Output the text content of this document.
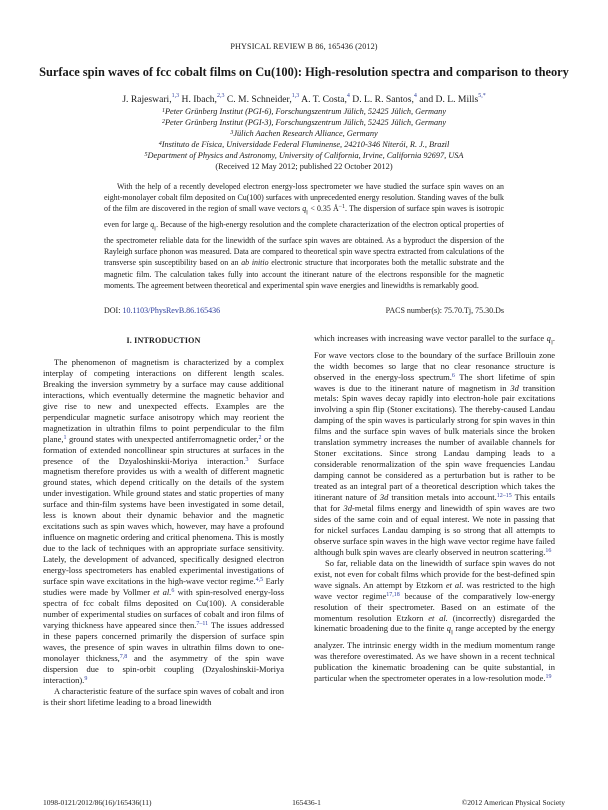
PHYSICAL REVIEW B 86, 165436 (2012)
Surface spin waves of fcc cobalt films on Cu(100): High-resolution spectra and comparison to theory
J. Rajeswari,$^{1,3}$ H. Ibach,$^{2,3}$ C. M. Schneider,$^{1,3}$ A. T. Costa,$^4$ D. L. R. Santos,$^4$ and D. L. Mills$^{5,*}$
$^1$Peter Grünberg Institut (PGI-6), Forschungszentrum Jülich, 52425 Jülich, Germany
$^2$Peter Grünberg Institut (PGI-3), Forschungszentrum Jülich, 52425 Jülich, Germany
$^3$Jülich Aachen Research Alliance, Germany
$^4$Instituto de Física, Universidade Federal Fluminense, 24210-346 Niterói, R. J., Brazil
$^5$Department of Physics and Astronomy, University of California, Irvine, California 92697, USA
(Received 12 May 2012; published 22 October 2012)

With the help of a recently developed electron energy-loss spectrometer we have studied the surface spin waves on an eight-monolayer cobalt film deposited on Cu(100) surfaces with unprecedented energy resolution. Standing waves of the bulk of the film are discovered in the region of small wave vectors $q_{||} < 0.35$ $Å^{-1}$. The dispersion of surface spin waves is isotropic even for large $q_{||}$. Because of the high-energy resolution and the complete characterization of the electron optical properties of the spectrometer reliable data for the linewidth of the surface spin waves are obtained. As a byproduct the dispersion of the Rayleigh surface phonon was measured. Data are compared to theoretical spin wave spectra extracted from calculations of the transverse spin susceptibility based on an ab initio electronic structure that incorporates both the metallic substrate and the magnetic film. The calculation takes fully into account the itinerant nature of the electrons responsible for the magnetic moments. The agreement between theoretical and experimental spin wave energies and linewidths is remarkably good.

DOI: 10.1103/PhysRevB.86.165436	PACS number(s): 75.70.Tj, 75.30.Ds
I. INTRODUCTION

The phenomenon of magnetism is characterized by a complex interplay of competing interactions on different length scales. Breaking the inversion symmetry by a surface may cause additional interactions, which eventually determine the magnetic behavior and give rise to new and unexpected effects. Examples are the perpendicular magnetic surface anisotropy which may reorient the magnetization in ultrathin films to point perpendicular to the film plane,$^1$ ground states with unexpected antiferromagnetic order,$^2$ or the formation of extended noncollinear spin structures at surfaces in the presence of the Dzyaloshinskii-Moriya interaction.$^3$ Surface magnetism therefore provides us with a wealth of different magnetic ground states, which depend critically on the details of the system under investigation. While ground states and static properties of many surface and thin-film systems have been investigated in some detail, less is known about their dynamic behavior and the magnetic excitations such as spin waves which, however, may have a profound influence on magnetic ordering and critical phenomena. This is mostly due to the lack of techniques with an appropriate surface sensitivity. Lately, the development of advanced, specifically designed electron energy-loss spectrometers has enabled experimental investigations of surface spin wave excitations in the high-wave vector regime.$^{4,5}$ Early studies were made by Vollmer et al.$^6$ with spin-resolved energy-loss spectra of fcc cobalt films deposited on Cu(100). A considerable number of experimental studies on surfaces of cobalt and iron films of varying thickness have appeared since then.$^{7-11}$ The issues addressed in these papers concerned primarily the dispersion of surface spin waves, the presence of spin waves in ultrathin films down to one-monolayer thickness,$^{7,8}$ and the asymmetry of the spin wave dispersion due to spin-orbit coupling (Dzyaloshinskii-Moriya interaction).$^9$

A characteristic feature of the surface spin waves of cobalt and iron is their short lifetime leading to a broad linewidth

which increases with increasing wave vector parallel to the surface $q_{||}$. For wave vectors close to the boundary of the surface Brillouin zone the width becomes so large that no clear resonance structure is observed in the energy-loss spectrum.$^6$ The short lifetime of spin waves is due to the itinerant nature of magnetism in 3d transition metals: Spin waves decay rapidly into electron-hole pair excitations involving a spin flip (Stoner excitations). The thereby-caused Landau damping of the spin waves is particularly strong for spin waves in thin films and the surface spin waves of bulk materials since the broken translation symmetry increases the number of available channels for Stoner excitations. Since strong Landau damping leads to a considerable renormalization of the spin wave frequencies Landau damping cannot be considered as a perturbation but is rather to be treated as an integral part of a theoretical description which takes the itinerant nature of 3d transition metals into account.$^{12-15}$ This entails that for 3d-metal films energy and linewidth of spin waves are two sides of the same coin and of equal interest. We note in passing that for nickel surfaces Landau damping is so strong that all attempts to observe surface spin waves in the high wave vector regime have failed although bulk spin waves are clearly observed in neutron scattering.$^{16}$

So far, reliable data on the linewidth of surface spin waves do not exist, not even for cobalt films which provide for the best-defined spin wave signals. An attempt by Etzkorn et al. was restricted to the high wave vector regime$^{17,18}$ because of the comparatively low-energy resolution of their spectrometer. Based on an estimate of the momentum resolution Etzkorn et al. (incorrectly) disregarded the kinematic broadening due to the finite $q_{||}$ range accepted by the energy analyzer. The intrinsic energy width in the medium momentum range was therefore overestimated. As we have shown in a recent technical publication the kinematic broadening can be quite substantial, in particular when the spectrometer operates in a low-resolution mode.$^{19}$

1098-0121/2012/86(16)/165436(11)	165436-1	©2012 American Physical Society
